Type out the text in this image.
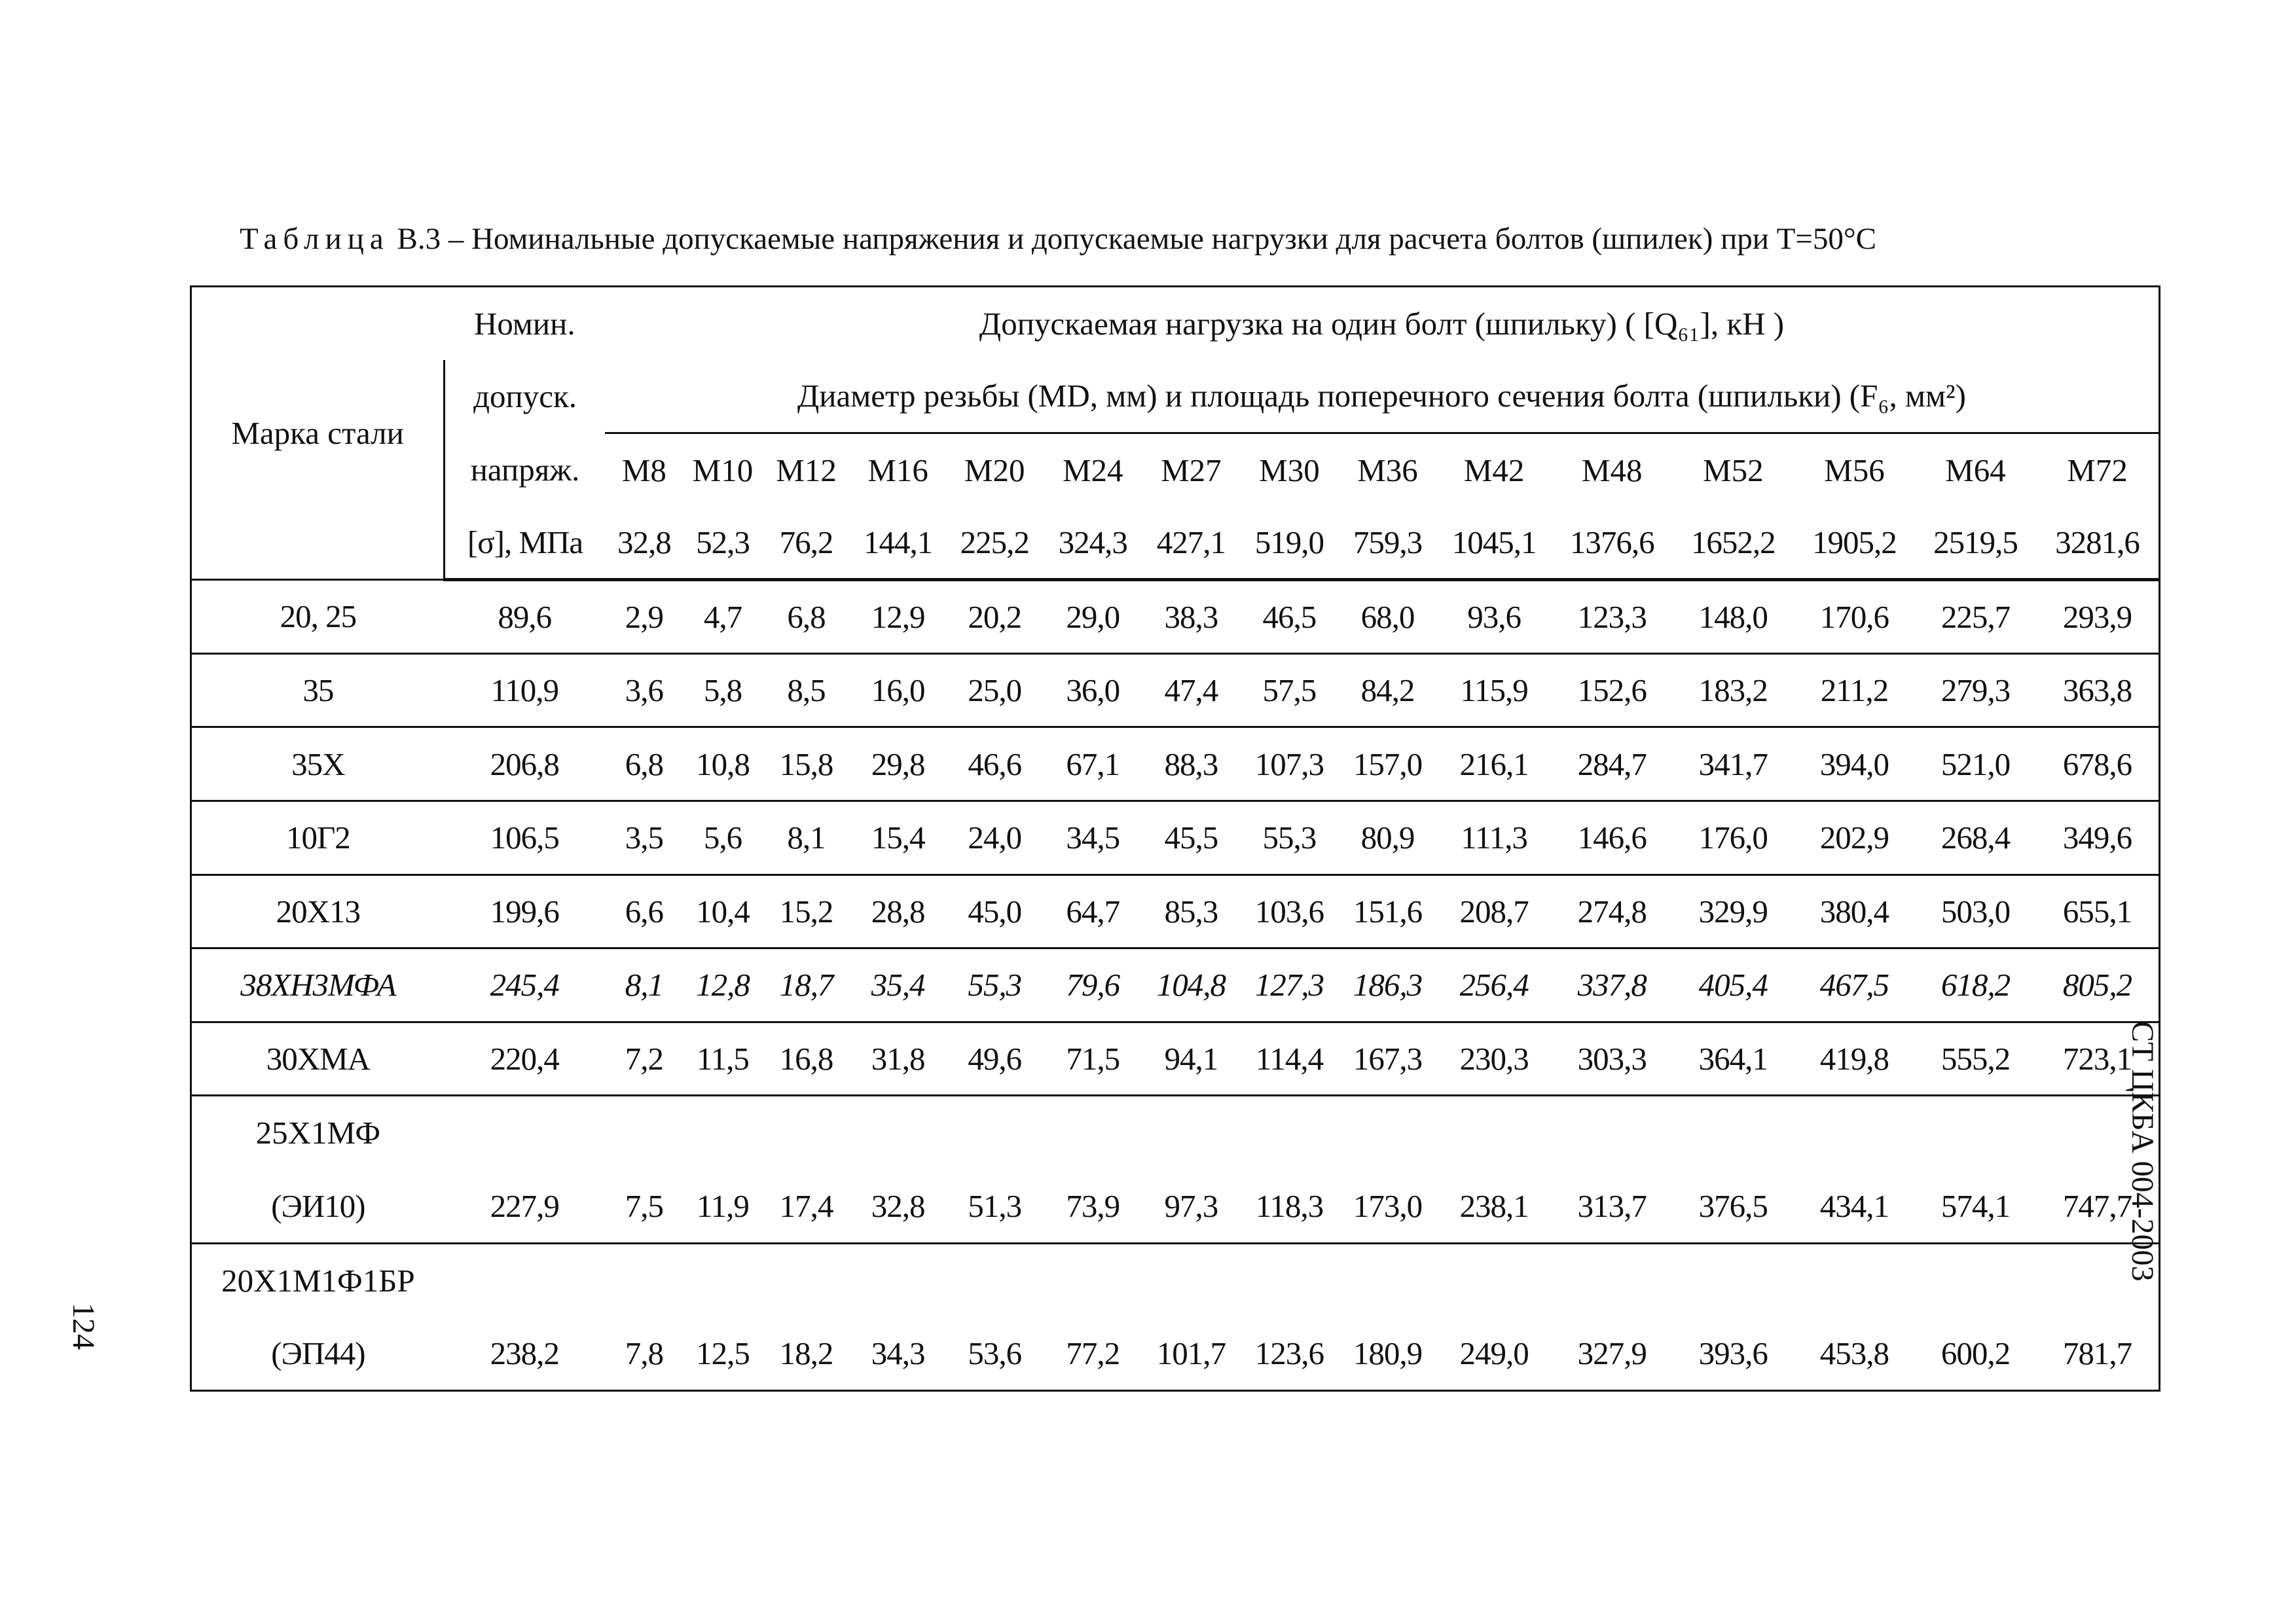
Таблица В.3 – Номинальные допускаемые напряжения и допускаемые нагрузки для расчета болтов (шпилек) при Т=50°С
Марка стали	Номин.	Допускаемая нагрузка на один болт (шпильку) ( [Q₆₁], кН )														
	допуск.	Диаметр резьбы (MD, мм) и площадь поперечного сечения болта (шпильки) (F₆, мм²)														
	напряж.	M8	M10	M12	M16	M20	M24	M27	M30	M36	M42	M48	M52	M56	M64	M72
	[σ], МПа	32,8	52,3	76,2	144,1	225,2	324,3	427,1	519,0	759,3	1045,1	1376,6	1652,2	1905,2	2519,5	3281,6
20, 25	89,6	2,9	4,7	6,8	12,9	20,2	29,0	38,3	46,5	68,0	93,6	123,3	148,0	170,6	225,7	293,9
35	110,9	3,6	5,8	8,5	16,0	25,0	36,0	47,4	57,5	84,2	115,9	152,6	183,2	211,2	279,3	363,8
35Х	206,8	6,8	10,8	15,8	29,8	46,6	67,1	88,3	107,3	157,0	216,1	284,7	341,7	394,0	521,0	678,6
10Г2	106,5	3,5	5,6	8,1	15,4	24,0	34,5	45,5	55,3	80,9	111,3	146,6	176,0	202,9	268,4	349,6
20Х13	199,6	6,6	10,4	15,2	28,8	45,0	64,7	85,3	103,6	151,6	208,7	274,8	329,9	380,4	503,0	655,1
38ХН3МФА	245,4	8,1	12,8	18,7	35,4	55,3	79,6	104,8	127,3	186,3	256,4	337,8	405,4	467,5	618,2	805,2
30ХМА	220,4	7,2	11,5	16,8	31,8	49,6	71,5	94,1	114,4	167,3	230,3	303,3	364,1	419,8	555,2	723,1
25Х1МФ																
(ЭИ10)	227,9	7,5	11,9	17,4	32,8	51,3	73,9	97,3	118,3	173,0	238,1	313,7	376,5	434,1	574,1	747,7
20Х1М1Ф1БР																
(ЭП44)	238,2	7,8	12,5	18,2	34,3	53,6	77,2	101,7	123,6	180,9	249,0	327,9	393,6	453,8	600,2	781,7
124
СТ ЦКБА 004-2003
